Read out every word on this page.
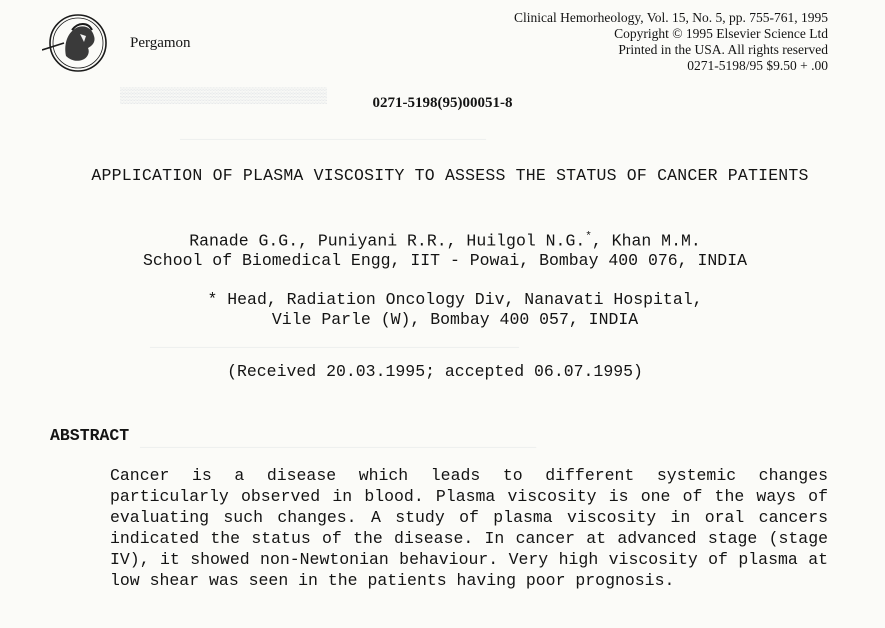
▒▒▒▒▒▒▒▒▒▒▒▒▒▒▒▒▒▒▒▒▒▒▒
──────────────────────────────────
─────────────────────────────────────────
────────────────────────────────────────────
Pergamon
Clinical Hemorheology, Vol. 15, No. 5, pp. 755-761, 1995
Copyright © 1995 Elsevier Science Ltd
Printed in the USA. All rights reserved
0271-5198/95 $9.50 + .00
0271-5198(95)00051-8
APPLICATION OF PLASMA VISCOSITY TO ASSESS THE STATUS OF CANCER PATIENTS
Ranade G.G., Puniyani R.R., Huilgol N.G.*, Khan M.M.
School of Biomedical Engg, IIT - Powai, Bombay 400 076, INDIA
* Head, Radiation Oncology Div, Nanavati Hospital,
Vile Parle (W), Bombay 400 057, INDIA
(Received 20.03.1995; accepted 06.07.1995)
ABSTRACT
Cancer is a disease which leads to different systemic changes particularly observed in blood. Plasma viscosity is one of the ways of evaluating such changes. A study of plasma viscosity in oral cancers indicated the status of the disease. In cancer at advanced stage (stage IV), it showed non-Newtonian behaviour. Very high viscosity of plasma at low shear was seen in the patients having poor prognosis.
